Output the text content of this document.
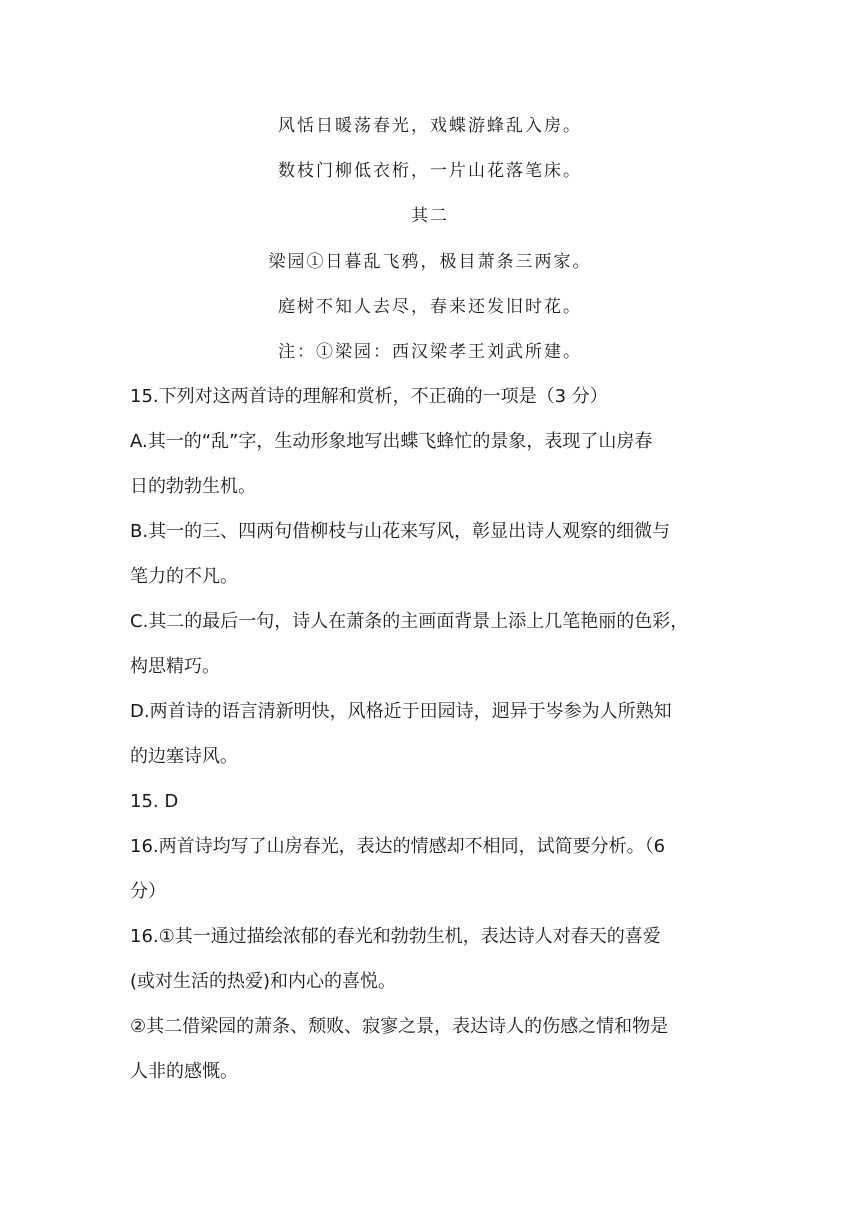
风恬日暖荡春光，戏蝶游蜂乱入房。
数枝门柳低衣桁，一片山花落笔床。
其二
梁园①日暮乱飞鸦，极目萧条三两家。
庭树不知人去尽，春来还发旧时花。
注：①梁园：西汉梁孝王刘武所建。
15.下列对这两首诗的理解和赏析，不正确的一项是（3 分）
A.其一的“乱”字，生动形象地写出蝶飞蜂忙的景象，表现了山房春
日的勃勃生机。
B.其一的三、四两句借柳枝与山花来写风，彰显出诗人观察的细微与
笔力的不凡。
C.其二的最后一句，诗人在萧条的主画面背景上添上几笔艳丽的色彩，
构思精巧。
D.两首诗的语言清新明快，风格近于田园诗，迥异于岑参为人所熟知
的边塞诗风。
15. D
16.两首诗均写了山房春光，表达的情感却不相同，试简要分析。（6
分）
16.①其一通过描绘浓郁的春光和勃勃生机，表达诗人对春天的喜爱
(或对生活的热爱)和内心的喜悦。
②其二借梁园的萧条、颓败、寂寥之景，表达诗人的伤感之情和物是
人非的感慨。
